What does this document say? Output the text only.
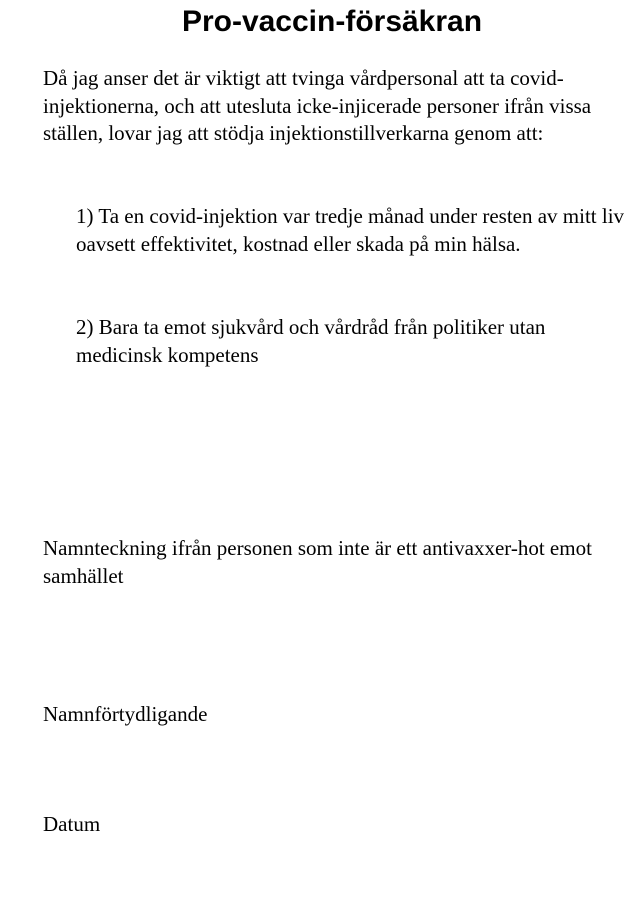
Pro-vaccin-försäkran

Då jag anser det är viktigt att tvinga vårdpersonal att ta covid-injektionerna, och att utesluta icke-injicerade personer ifrån vissa ställen, lovar jag att stödja injektionstillverkarna genom att:

1) Ta en covid-injektion var tredje månad under resten av mitt liv oavsett effektivitet, kostnad eller skada på min hälsa.

2) Bara ta emot sjukvård och vårdråd från politiker utan medicinsk kompetens

Namnteckning ifrån personen som inte är ett antivaxxer-hot emot samhället

Namnförtydligande

Datum
